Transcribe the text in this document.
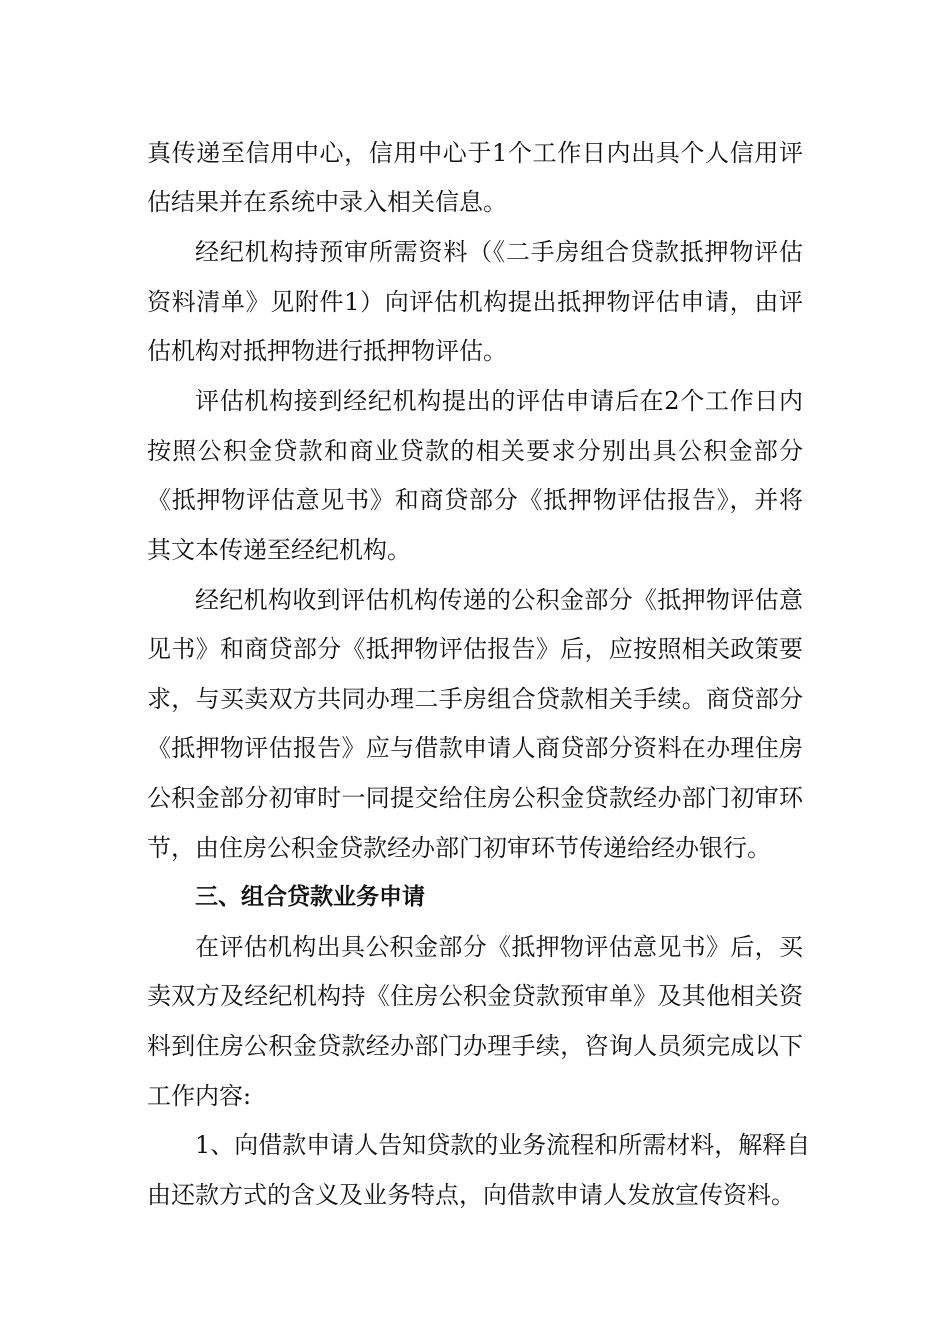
真传递至信用中心，信用中心于1个工作日内出具个人信用评
估结果并在系统中录入相关信息。
经纪机构持预审所需资料（《二手房组合贷款抵押物评估
资料清单》见附件1）向评估机构提出抵押物评估申请，由评
估机构对抵押物进行抵押物评估。
评估机构接到经纪机构提出的评估申请后在2个工作日内
按照公积金贷款和商业贷款的相关要求分别出具公积金部分
《抵押物评估意见书》和商贷部分《抵押物评估报告》，并将
其文本传递至经纪机构。
经纪机构收到评估机构传递的公积金部分《抵押物评估意
见书》和商贷部分《抵押物评估报告》后，应按照相关政策要
求，与买卖双方共同办理二手房组合贷款相关手续。商贷部分
《抵押物评估报告》应与借款申请人商贷部分资料在办理住房
公积金部分初审时一同提交给住房公积金贷款经办部门初审环
节，由住房公积金贷款经办部门初审环节传递给经办银行。
三、组合贷款业务申请
在评估机构出具公积金部分《抵押物评估意见书》后，买
卖双方及经纪机构持《住房公积金贷款预审单》及其他相关资
料到住房公积金贷款经办部门办理手续，咨询人员须完成以下
工作内容:
1、向借款申请人告知贷款的业务流程和所需材料，解释自
由还款方式的含义及业务特点，向借款申请人发放宣传资料。
